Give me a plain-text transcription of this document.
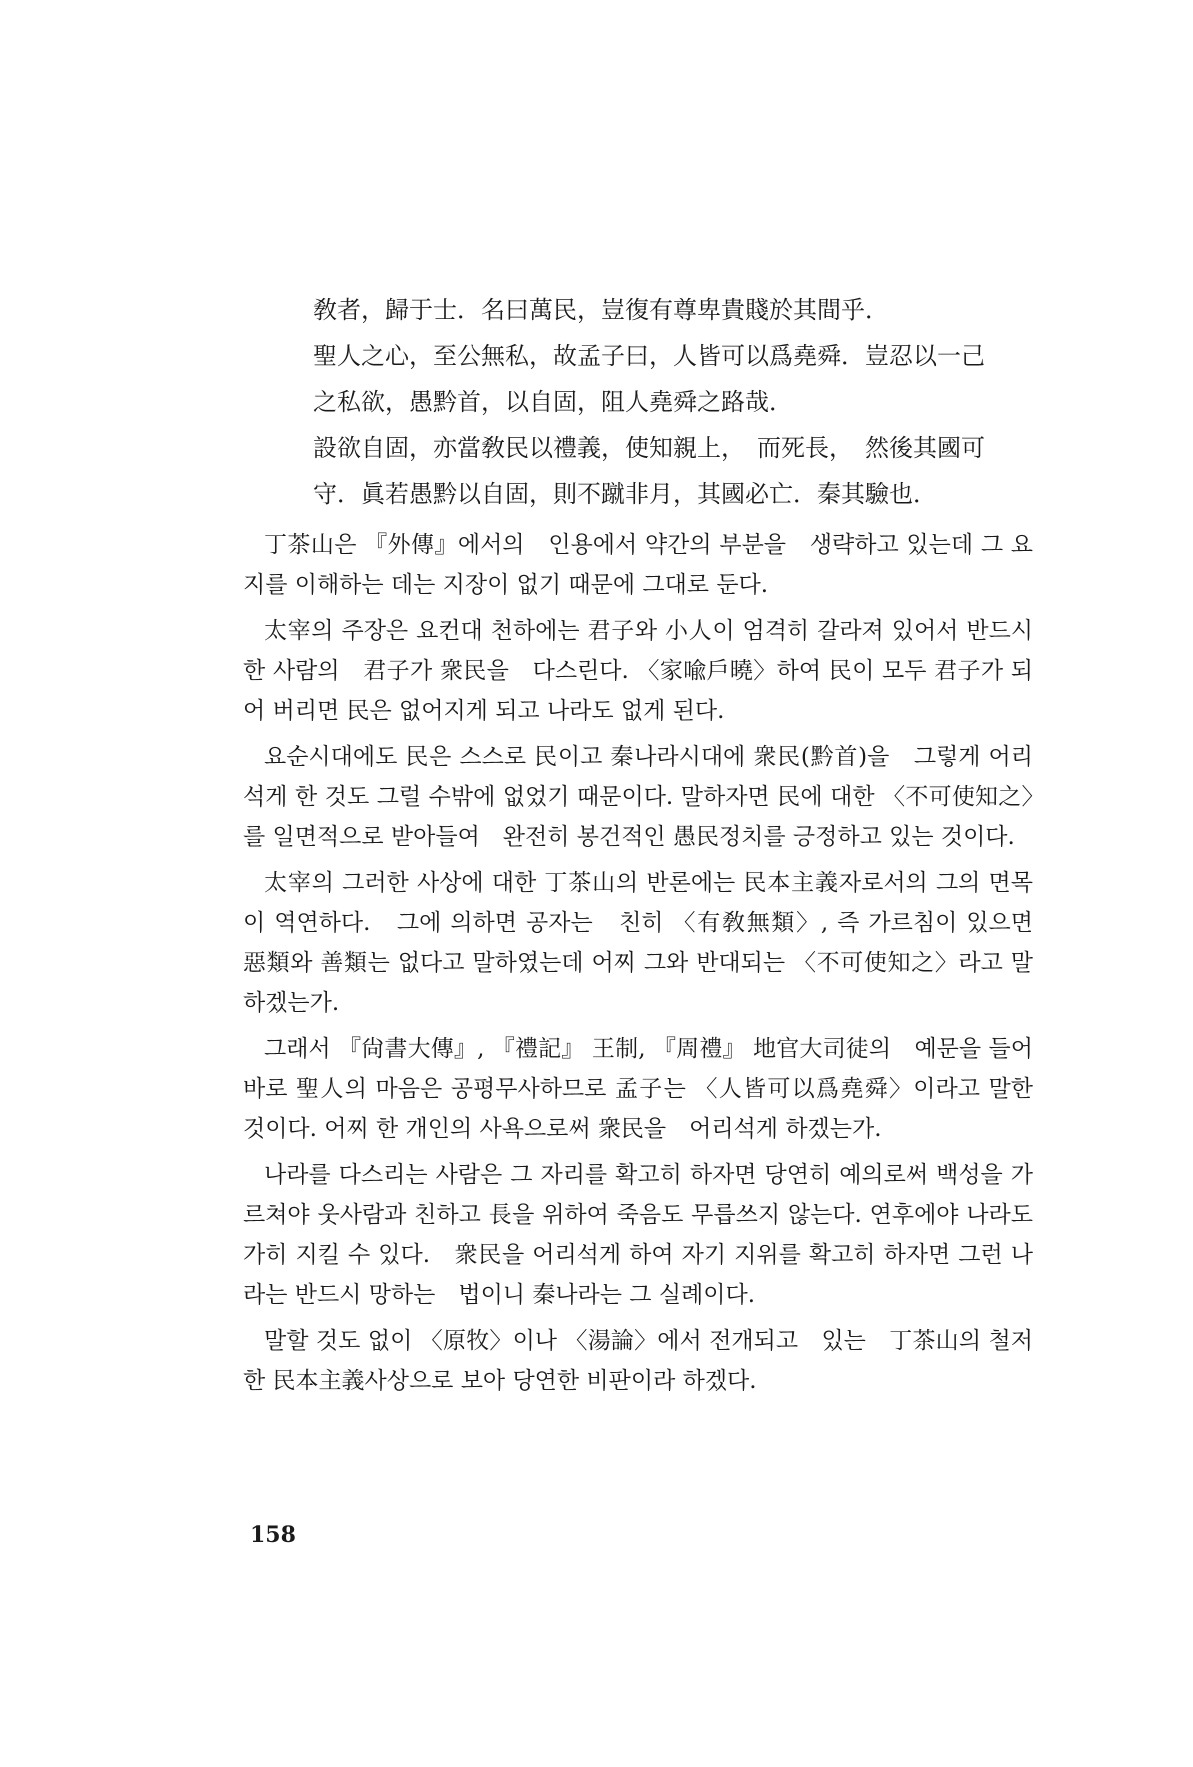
敎者，歸于士．名曰萬民，豈復有尊卑貴賤於其間乎．

聖人之心，至公無私，故孟子曰，人皆可以爲堯舜．豈忍以一己

之私欲，愚黔首，以自固，阻人堯舜之路哉．

設欲自固，亦當敎民以禮義，使知親上，　而死長，　然後其國可

守．眞若愚黔以自固，則不蹴非月，其國必亡．秦其驗也．

丁茶山은 『外傳』에서의　인용에서 약간의 부분을　생략하고 있는데 그 요지를 이해하는 데는 지장이 없기 때문에 그대로 둔다.

太宰의 주장은 요컨대 천하에는 君子와 小人이 엄격히 갈라져 있어서 반드시 한 사람의　君子가 衆民을　다스린다. 〈家喩戶曉〉하여 民이 모두 君子가 되어 버리면 民은 없어지게 되고 나라도 없게 된다.

요순시대에도 民은 스스로 民이고 秦나라시대에 衆民(黔首)을　그렇게 어리석게 한 것도 그럴 수밖에 없었기 때문이다. 말하자면 民에 대한 〈不可使知之〉를 일면적으로 받아들여　완전히 봉건적인 愚民정치를 긍정하고 있는 것이다.

太宰의 그러한 사상에 대한 丁茶山의 반론에는 民本主義자로서의 그의 면목이 역연하다.　그에 의하면 공자는　친히 〈有敎無類〉, 즉 가르침이 있으면 惡類와 善類는 없다고 말하였는데 어찌 그와 반대되는 〈不可使知之〉라고 말하겠는가.

그래서 『尙書大傳』, 『禮記』 王制, 『周禮』 地官大司徒의　예문을 들어 바로 聖人의 마음은 공평무사하므로 孟子는 〈人皆可以爲堯舜〉이라고 말한 것이다. 어찌 한 개인의 사욕으로써 衆民을　어리석게 하겠는가.

나라를 다스리는 사람은 그 자리를 확고히 하자면 당연히 예의로써 백성을 가르쳐야 웃사람과 친하고 長을 위하여 죽음도 무릅쓰지 않는다. 연후에야 나라도 가히 지킬 수 있다.　衆民을 어리석게 하여 자기 지위를 확고히 하자면 그런 나라는 반드시 망하는　법이니 秦나라는 그 실례이다.

말할 것도 없이 〈原牧〉이나 〈湯論〉에서 전개되고　있는　丁茶山의 철저한 民本主義사상으로 보아 당연한 비판이라 하겠다.

158
